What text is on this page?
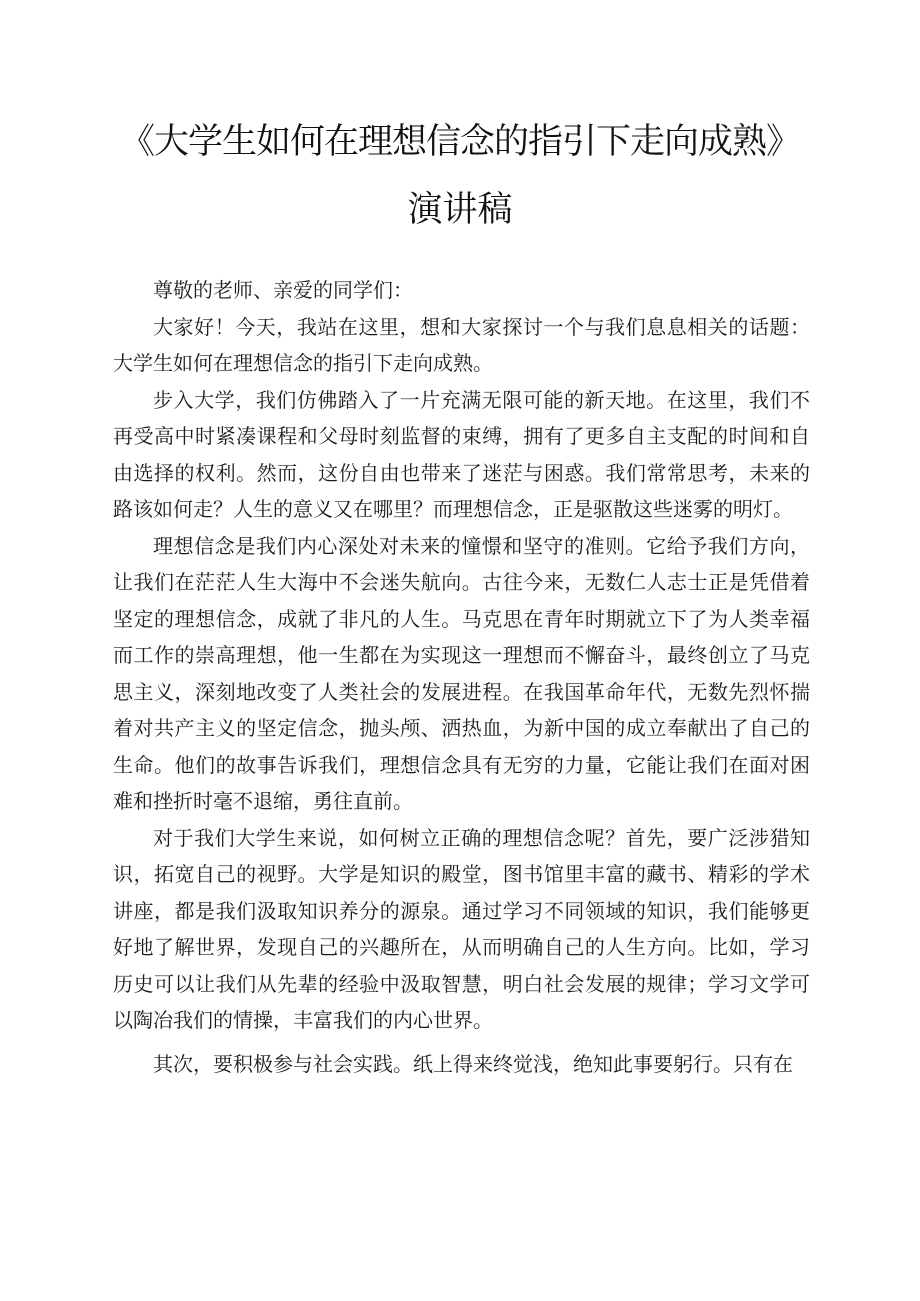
《大学生如何在理想信念的指引下走向成熟》
演讲稿

尊敬的老师、亲爱的同学们：

大家好！今天，我站在这里，想和大家探讨一个与我们息息相关的话题：大学生如何在理想信念的指引下走向成熟。

步入大学，我们仿佛踏入了一片充满无限可能的新天地。在这里，我们不再受高中时紧凑课程和父母时刻监督的束缚，拥有了更多自主支配的时间和自由选择的权利。然而，这份自由也带来了迷茫与困惑。我们常常思考，未来的路该如何走？人生的意义又在哪里？而理想信念，正是驱散这些迷雾的明灯。

理想信念是我们内心深处对未来的憧憬和坚守的准则。它给予我们方向，让我们在茫茫人生大海中不会迷失航向。古往今来，无数仁人志士正是凭借着坚定的理想信念，成就了非凡的人生。马克思在青年时期就立下了为人类幸福而工作的崇高理想，他一生都在为实现这一理想而不懈奋斗，最终创立了马克思主义，深刻地改变了人类社会的发展进程。在我国革命年代，无数先烈怀揣着对共产主义的坚定信念，抛头颅、洒热血，为新中国的成立奉献出了自己的生命。他们的故事告诉我们，理想信念具有无穷的力量，它能让我们在面对困难和挫折时毫不退缩，勇往直前。

对于我们大学生来说，如何树立正确的理想信念呢？首先，要广泛涉猎知识，拓宽自己的视野。大学是知识的殿堂，图书馆里丰富的藏书、精彩的学术讲座，都是我们汲取知识养分的源泉。通过学习不同领域的知识，我们能够更好地了解世界，发现自己的兴趣所在，从而明确自己的人生方向。比如，学习历史可以让我们从先辈的经验中汲取智慧，明白社会发展的规律；学习文学可以陶冶我们的情操，丰富我们的内心世界。

其次，要积极参与社会实践。纸上得来终觉浅，绝知此事要躬行。只有在
